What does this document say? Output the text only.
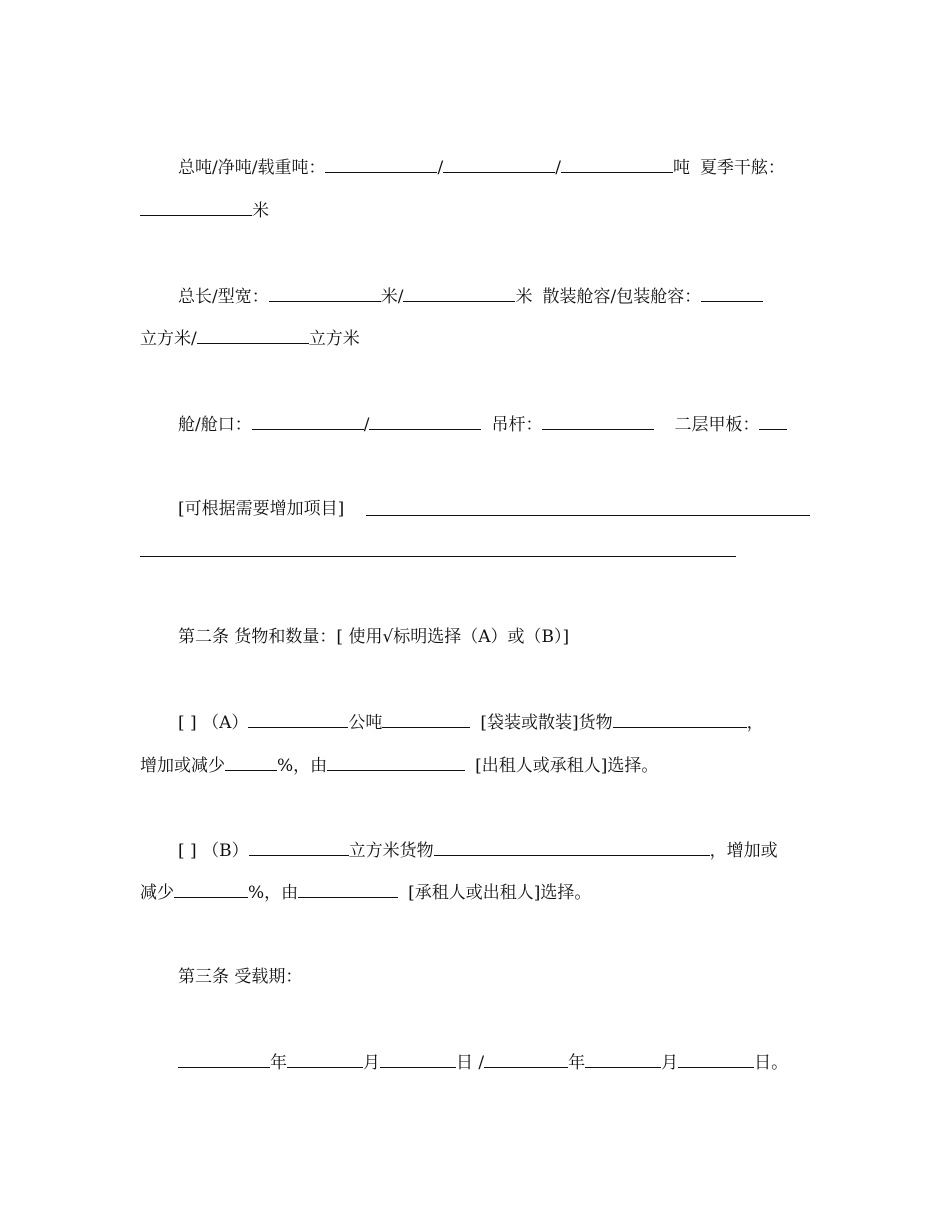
总吨/净吨/载重吨：	/	/	吨 夏季干舷：
米
总长/型宽：	米/	米 散装舱容/包装舱容：
立方米/	立方米
舱/舱口：	/	吊杆：	二层甲板：
[可根据需要增加项目]
第二条 货物和数量：[ 使用√标明选择（A）或（B）]
[ ] （A）	公吨	[袋装或散装]货物	，
增加或减少	%，由	[出租人或承租人]选择。
[ ] （B）	立方米货物	，增加或
减少	%，由	[承租人或出租人]选择。
第三条 受载期：
年	月	日 /	年	月	日。
